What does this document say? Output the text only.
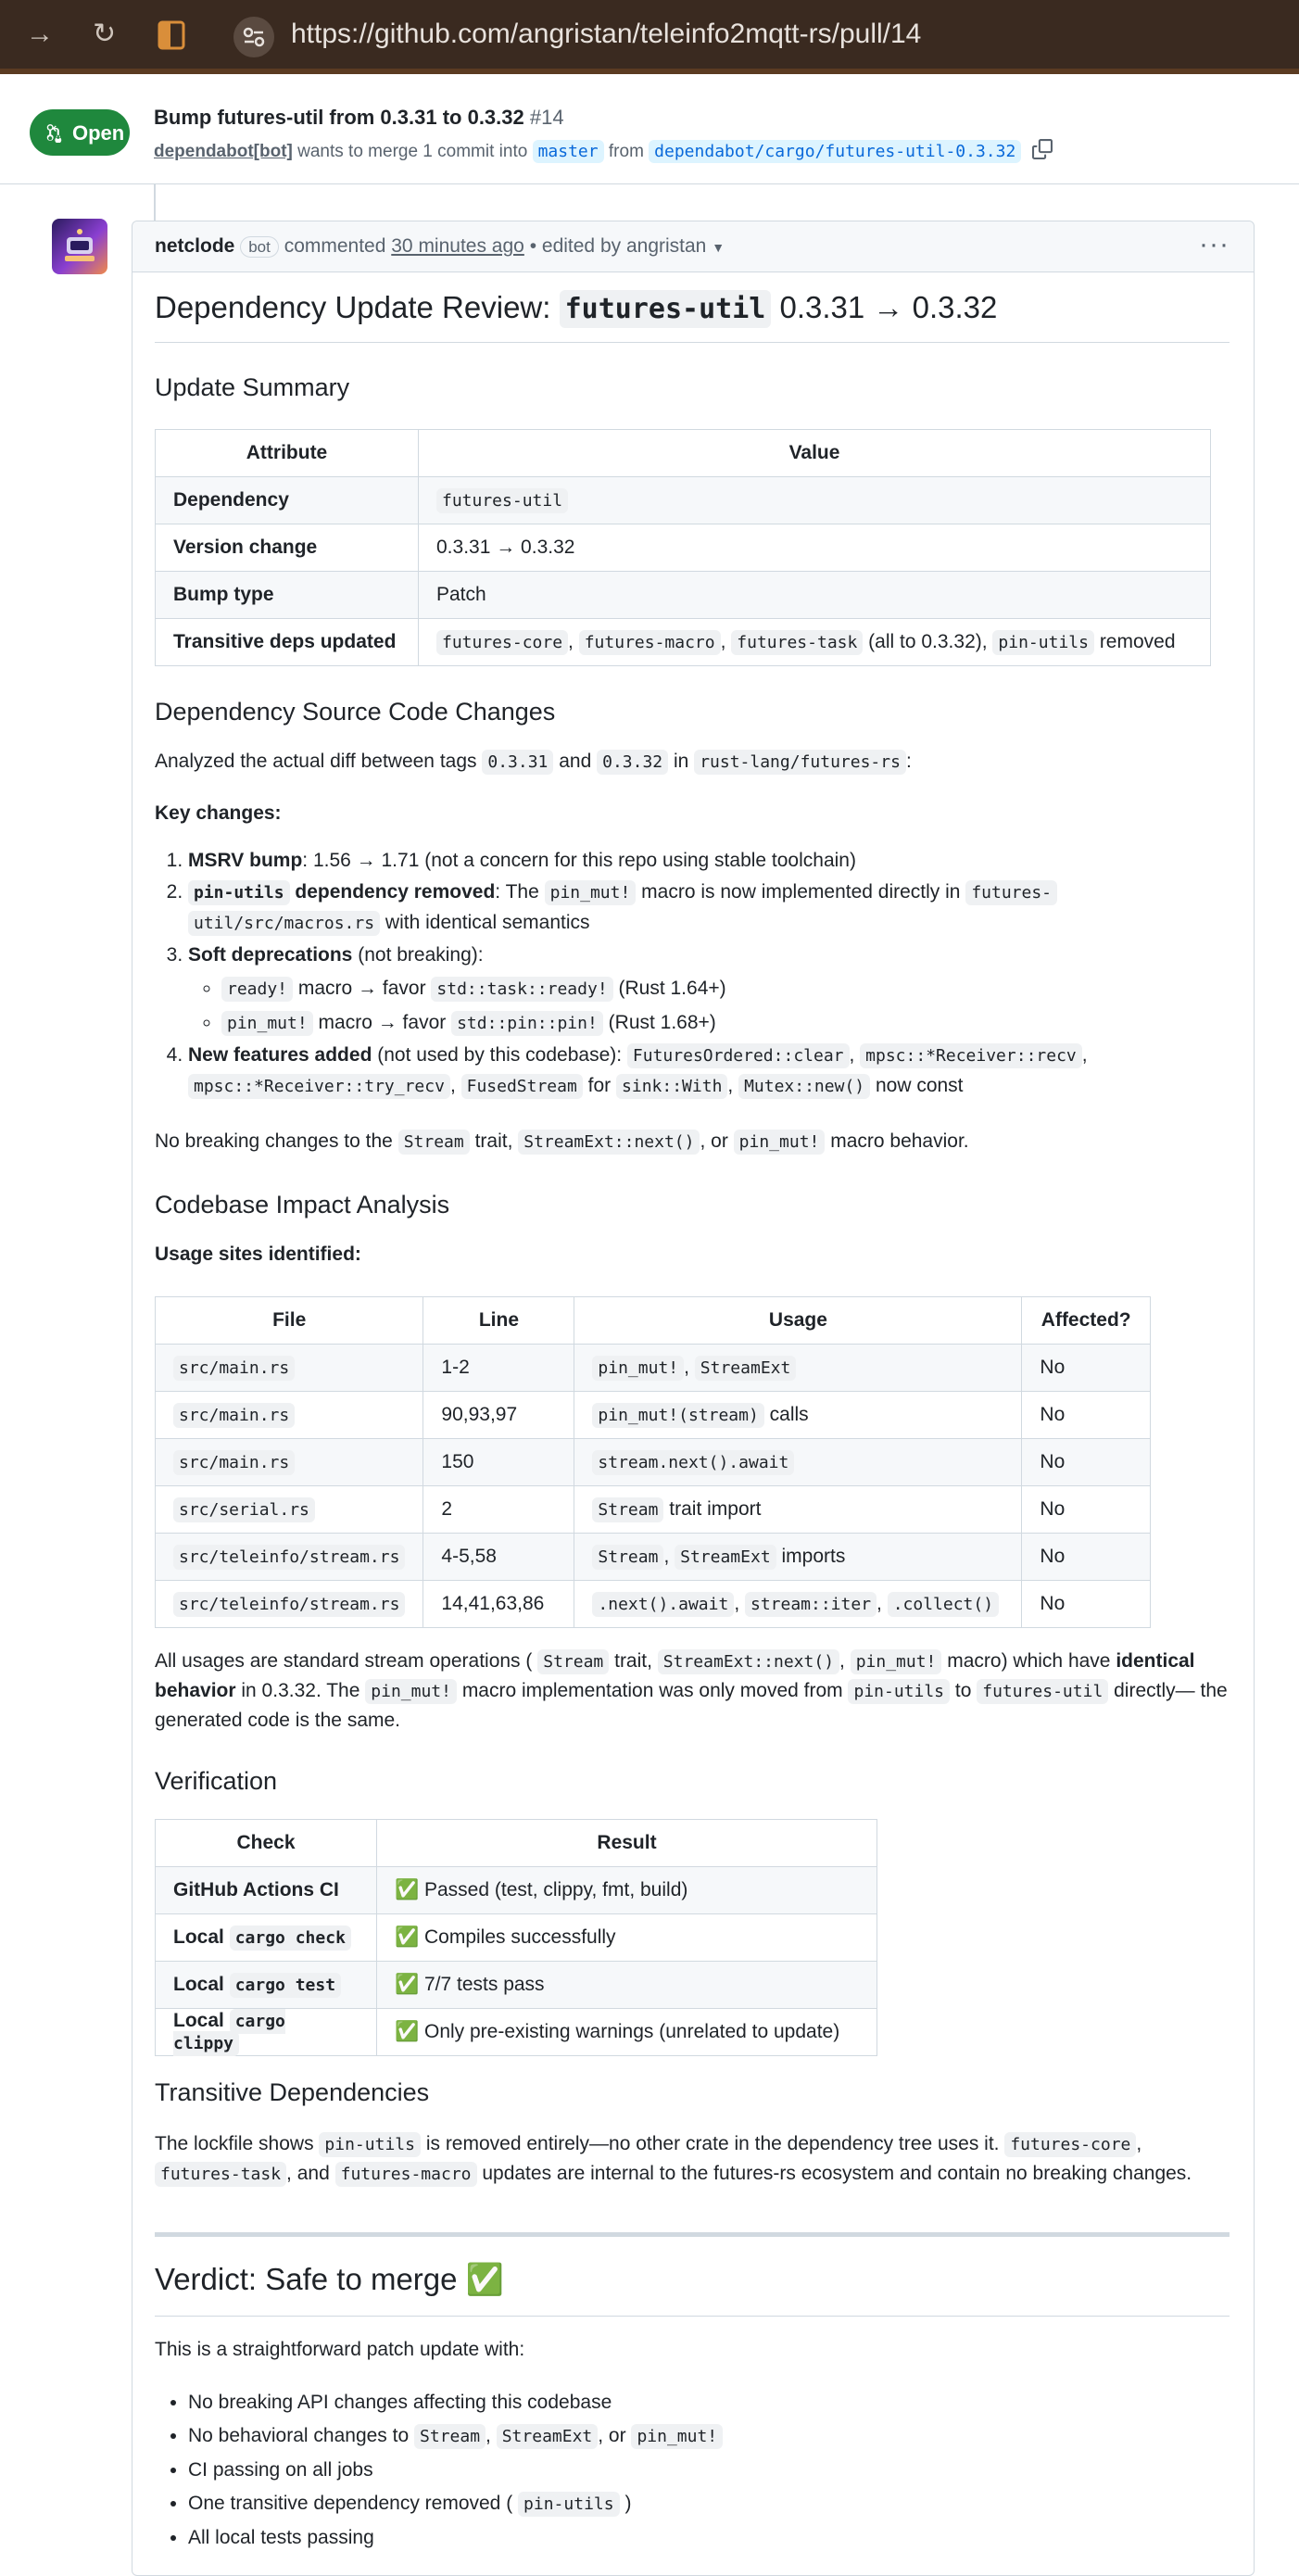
→ ↻	https://github.com/angristan/teleinfo2mqtt-rs/pull/14
Open
Bump futures-util from 0.3.31 to 0.3.32 #14
dependabot[bot] wants to merge 1 commit into master from dependabot/cargo/futures-util-0.3.32
netclode bot commented 30 minutes ago • edited by angristan ▼	···
Dependency Update Review: futures-util 0.3.31 → 0.3.32
Update Summary
Attribute	Value
Dependency	futures-util
Version change	0.3.31 → 0.3.32
Bump type	Patch
Transitive deps updated	futures-core , futures-macro , futures-task (all to 0.3.32), pin-utils removed
Dependency Source Code Changes
Analyzed the actual diff between tags 0.3.31 and 0.3.32 in rust-lang/futures-rs :
Key changes:
1. MSRV bump: 1.56 → 1.71 (not a concern for this repo using stable toolchain)
2. pin-utils dependency removed: The pin_mut! macro is now implemented directly in futures-
util/src/macros.rs with identical semantics
3. Soft deprecations (not breaking):
◦ ready! macro → favor std::task::ready! (Rust 1.64+)
◦ pin_mut! macro → favor std::pin::pin! (Rust 1.68+)
4. New features added (not used by this codebase): FuturesOrdered::clear , mpsc::*Receiver::recv ,
mpsc::*Receiver::try_recv , FusedStream for sink::With , Mutex::new() now const
No breaking changes to the Stream trait, StreamExt::next() , or pin_mut! macro behavior.
Codebase Impact Analysis
Usage sites identified:
File	Line	Usage	Affected?
src/main.rs	1-2	pin_mut! , StreamExt	No
src/main.rs	90,93,97	pin_mut!(stream) calls	No
src/main.rs	150	stream.next().await	No
src/serial.rs	2	Stream trait import	No
src/teleinfo/stream.rs	4-5,58	Stream , StreamExt imports	No
src/teleinfo/stream.rs	14,41,63,86	.next().await , stream::iter , .collect()	No
All usages are standard stream operations ( Stream trait, StreamExt::next() , pin_mut! macro) which have identical behavior in 0.3.32. The pin_mut! macro implementation was only moved from pin-utils to futures-util directly— the generated code is the same.
Verification
Check	Result
GitHub Actions CI	✅ Passed (test, clippy, fmt, build)
Local cargo check	✅ Compiles successfully
Local cargo test	✅ 7/7 tests pass
Local cargo clippy	✅ Only pre-existing warnings (unrelated to update)
Transitive Dependencies
The lockfile shows pin-utils is removed entirely—no other crate in the dependency tree uses it. futures-core , futures-task , and futures-macro updates are internal to the futures-rs ecosystem and contain no breaking changes.
Verdict: Safe to merge ✅
This is a straightforward patch update with:
• No breaking API changes affecting this codebase
• No behavioral changes to Stream , StreamExt , or pin_mut!
• CI passing on all jobs
• One transitive dependency removed ( pin-utils )
• All local tests passing
